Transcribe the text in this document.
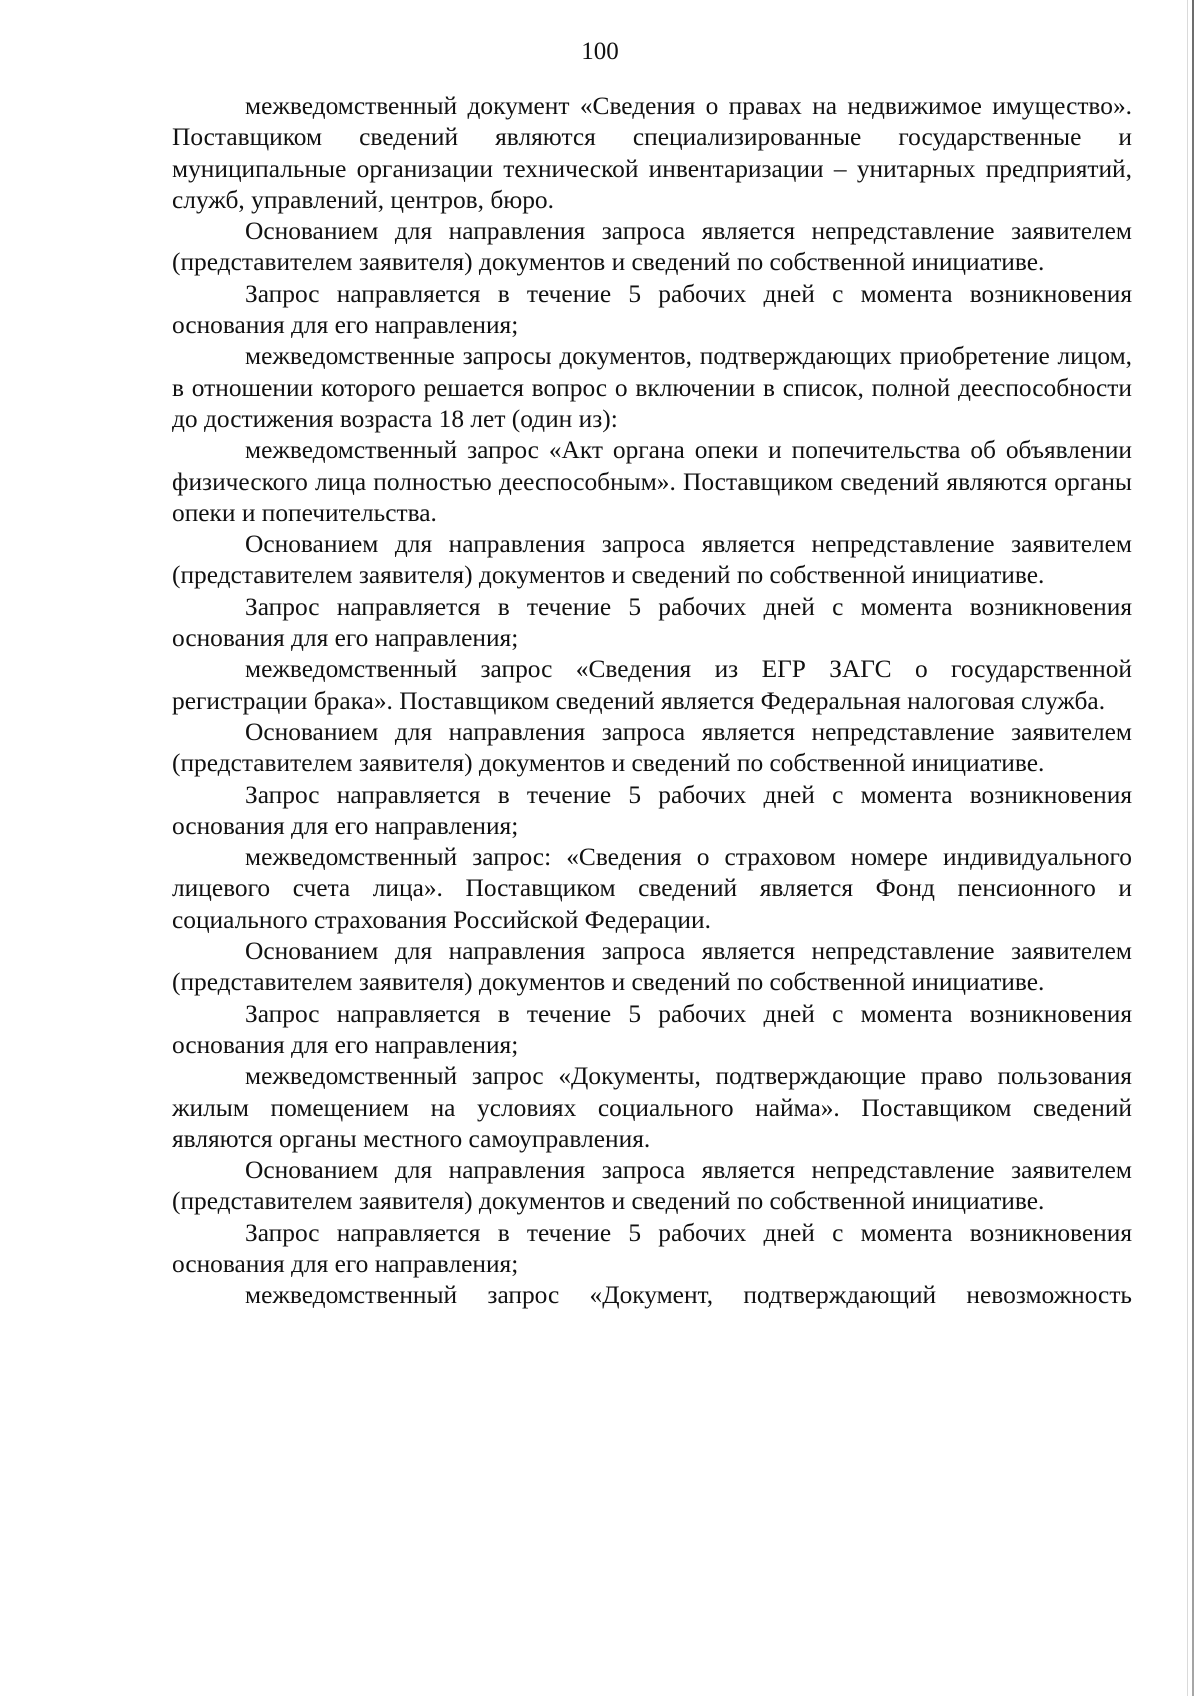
100

межведомственный документ «Сведения о правах на недвижимое имущество». Поставщиком сведений являются специализированные государственные и муниципальные организации технической инвентаризации – унитарных предприятий, служб, управлений, центров, бюро.

Основанием для направления запроса является непредставление заявителем (представителем заявителя) документов и сведений по собственной инициативе.

Запрос направляется в течение 5 рабочих дней с момента возникновения основания для его направления;

межведомственные запросы документов, подтверждающих приобретение лицом, в отношении которого решается вопрос о включении в список, полной дееспособности до достижения возраста 18 лет (один из):

межведомственный запрос «Акт органа опеки и попечительства об объявлении физического лица полностью дееспособным». Поставщиком сведений являются органы опеки и попечительства.

Основанием для направления запроса является непредставление заявителем (представителем заявителя) документов и сведений по собственной инициативе.

Запрос направляется в течение 5 рабочих дней с момента возникновения основания для его направления;

межведомственный запрос «Сведения из ЕГР ЗАГС о государственной регистрации брака». Поставщиком сведений является Федеральная налоговая служба.

Основанием для направления запроса является непредставление заявителем (представителем заявителя) документов и сведений по собственной инициативе.

Запрос направляется в течение 5 рабочих дней с момента возникновения основания для его направления;

межведомственный запрос: «Сведения о страховом номере индивидуального лицевого счета лица». Поставщиком сведений является Фонд пенсионного и социального страхования Российской Федерации.

Основанием для направления запроса является непредставление заявителем (представителем заявителя) документов и сведений по собственной инициативе.

Запрос направляется в течение 5 рабочих дней с момента возникновения основания для его направления;

межведомственный запрос «Документы, подтверждающие право пользования жилым помещением на условиях социального найма». Поставщиком сведений являются органы местного самоуправления.

Основанием для направления запроса является непредставление заявителем (представителем заявителя) документов и сведений по собственной инициативе.

Запрос направляется в течение 5 рабочих дней с момента возникновения основания для его направления;

межведомственный запрос «Документ, подтверждающий невозможность
